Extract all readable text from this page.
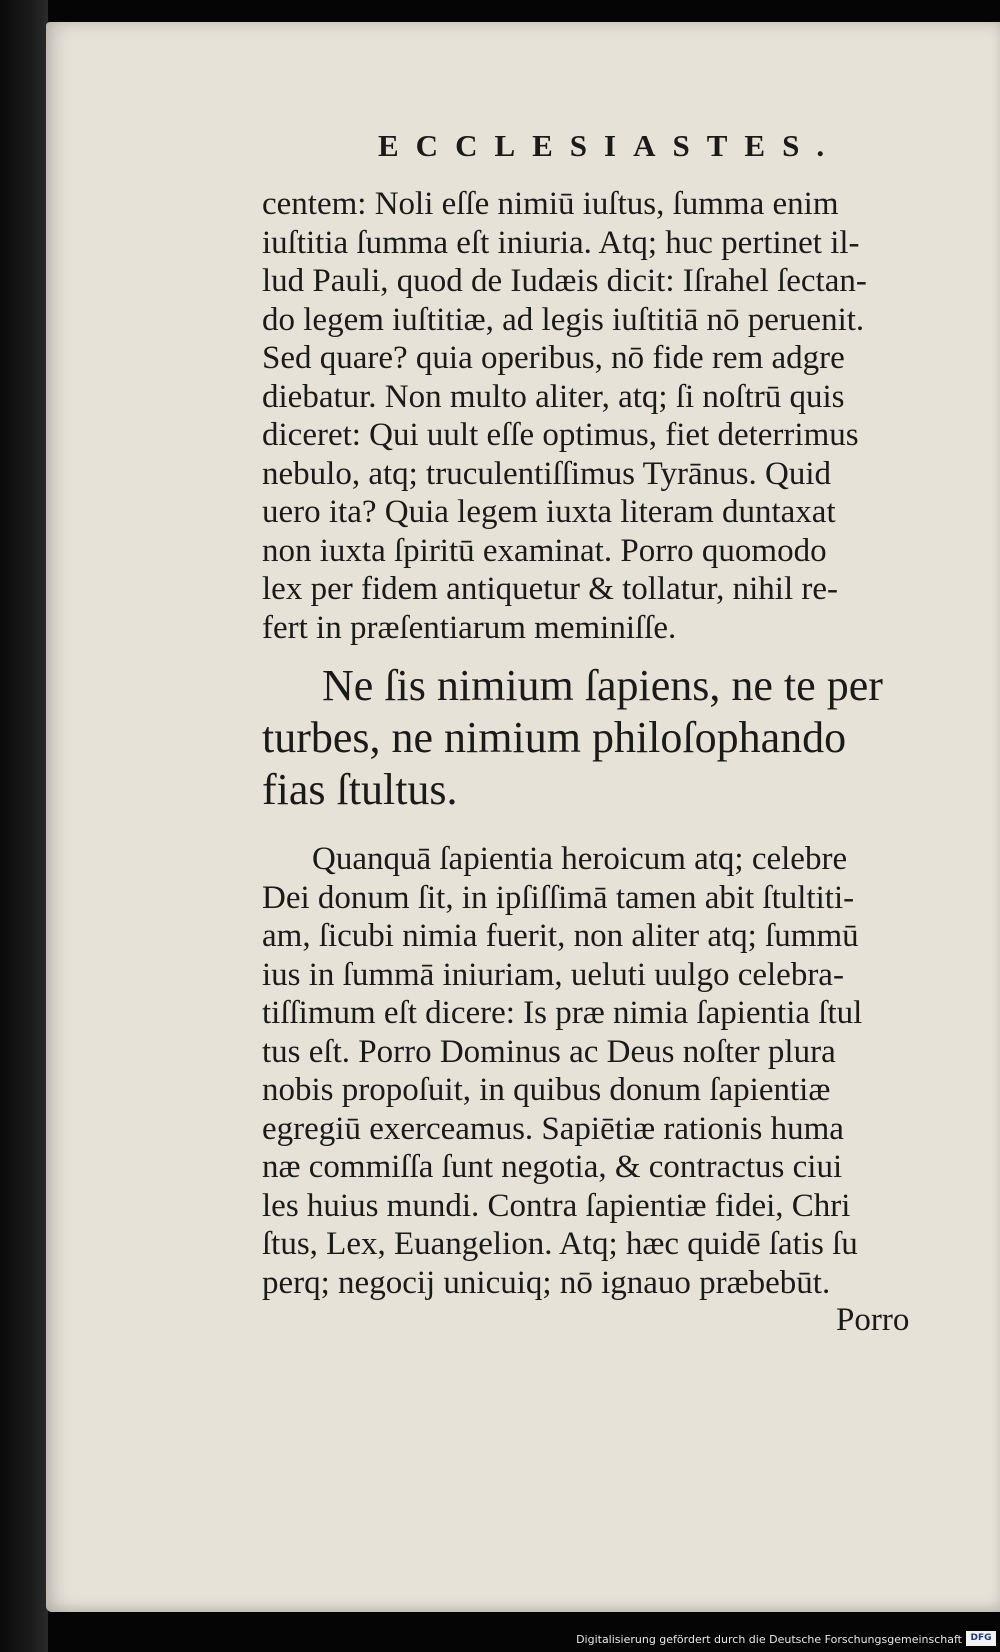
ECCLESIASTES.
centem: Noli eſſe nimiū iuſtus, ſumma enim
iuſtitia ſumma eſt iniuria. Atq; huc pertinet il-
lud Pauli, quod de Iudæis dicit: Iſrahel ſectan-
do legem iuſtitiæ, ad legis iuſtitiā nō peruenit.
Sed quare? quia operibus, nō fide rem adgre
diebatur. Non multo aliter, atq; ſi noſtrū quis
diceret: Qui uult eſſe optimus, fiet deterrimus
nebulo, atq; truculentiſſimus Tyrānus. Quid
uero ita? Quia legem iuxta literam duntaxat
non iuxta ſpiritū examinat. Porro quomodo
lex per fidem antiquetur & tollatur, nihil re-
fert in præſentiarum meminiſſe.
Ne ſis nimium ſapiens, ne te per
turbes, ne nimium philoſophando
fias ſtultus.
Quanquā ſapientia heroicum atq; celebre
Dei donum ſit, in ipſiſſimā tamen abit ſtultiti-
am, ſicubi nimia fuerit, non aliter atq; ſummū
ius in ſummā iniuriam, ueluti uulgo celebra-
tiſſimum eſt dicere: Is præ nimia ſapientia ſtul
tus eſt. Porro Dominus ac Deus noſter plura
nobis propoſuit, in quibus donum ſapientiæ
egregiū exerceamus. Sapiētiæ rationis huma
næ commiſſa ſunt negotia, & contractus ciui
les huius mundi. Contra ſapientiæ fidei, Chri
ſtus, Lex, Euangelion. Atq; hæc quidē ſatis ſu
perq; negocij unicuiq; nō ignauo præbebūt.
Porro
Digitalisierung gefördert durch die Deutsche Forschungsgemeinschaft DFG
